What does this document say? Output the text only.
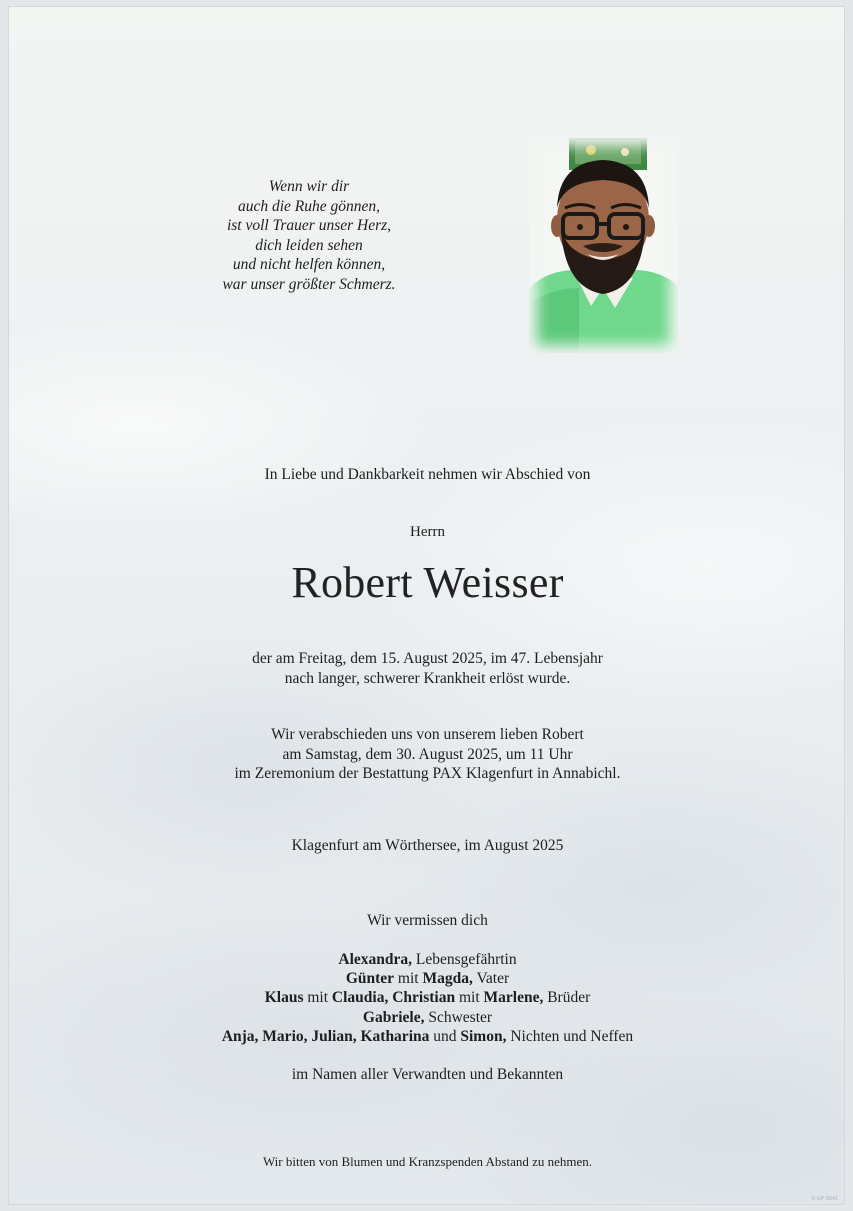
Wenn wir dir
auch die Ruhe gönnen,
ist voll Trauer unser Herz,
dich leiden sehen
und nicht helfen können,
war unser größter Schmerz.
In Liebe und Dankbarkeit nehmen wir Abschied von
Herrn
Robert Weisser
der am Freitag, dem 15. August 2025, im 47. Lebensjahr
nach langer, schwerer Krankheit erlöst wurde.
Wir verabschieden uns von unserem lieben Robert
am Samstag, dem 30. August 2025, um 11 Uhr
im Zeremonium der Bestattung PAX Klagenfurt in Annabichl.
Klagenfurt am Wörthersee, im August 2025
Wir vermissen dich
Alexandra, Lebensgefährtin
Günter mit Magda, Vater
Klaus mit Claudia, Christian mit Marlene, Brüder
Gabriele, Schwester
Anja, Mario, Julian, Katharina und Simon, Nichten und Neffen
im Namen aller Verwandten und Bekannten
Wir bitten von Blumen und Kranzspenden Abstand zu nehmen.
© EP 9041
